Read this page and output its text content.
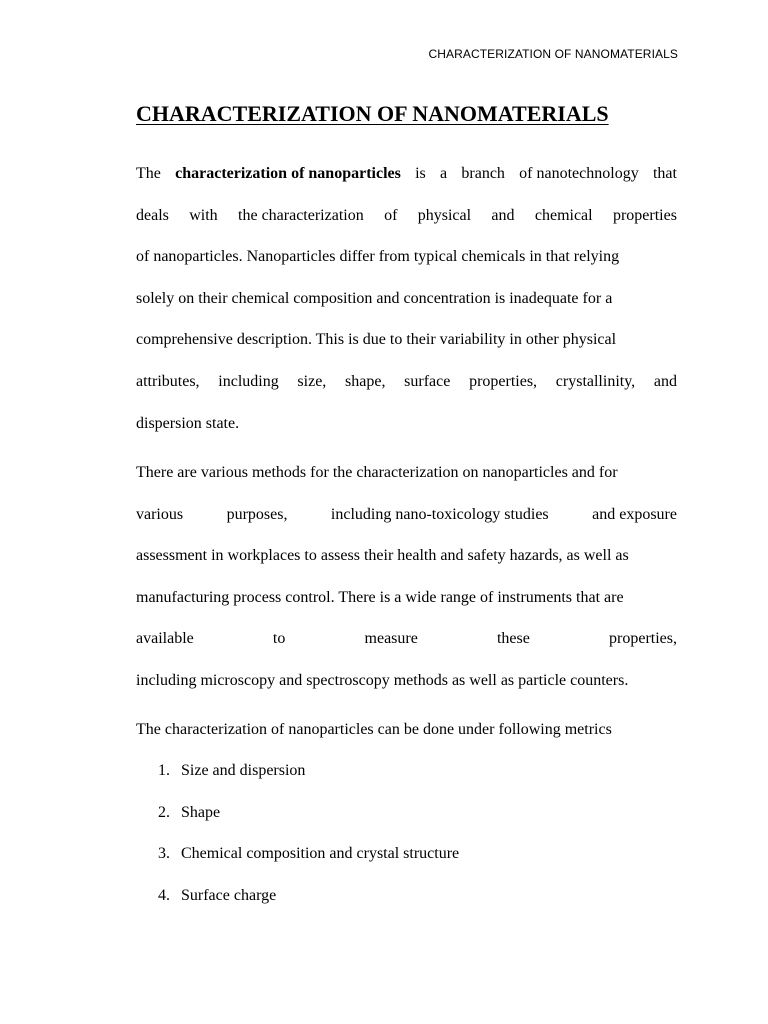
CHARACTERIZATION OF NANOMATERIALS
CHARACTERIZATION OF NANOMATERIALS
The characterization of nanoparticles is a branch of nanotechnology that
deals with the characterization of physical and chemical properties
of nanoparticles. Nanoparticles differ from typical chemicals in that relying
solely on their chemical composition and concentration is inadequate for a
comprehensive description. This is due to their variability in other physical
attributes, including size, shape, surface properties, crystallinity, and
dispersion state.
There are various methods for the characterization on nanoparticles and for
various	purposes,	including nano-toxicology studies	and exposure
assessment in workplaces to assess their health and safety hazards, as well as
manufacturing process control. There is a wide range of instruments that are
available	to	measure	these	properties,
including microscopy and spectroscopy methods as well as particle counters.

The characterization of nanoparticles can be done under following metrics

1. Size and dispersion
2. Shape
3. Chemical composition and crystal structure
4. Surface charge
